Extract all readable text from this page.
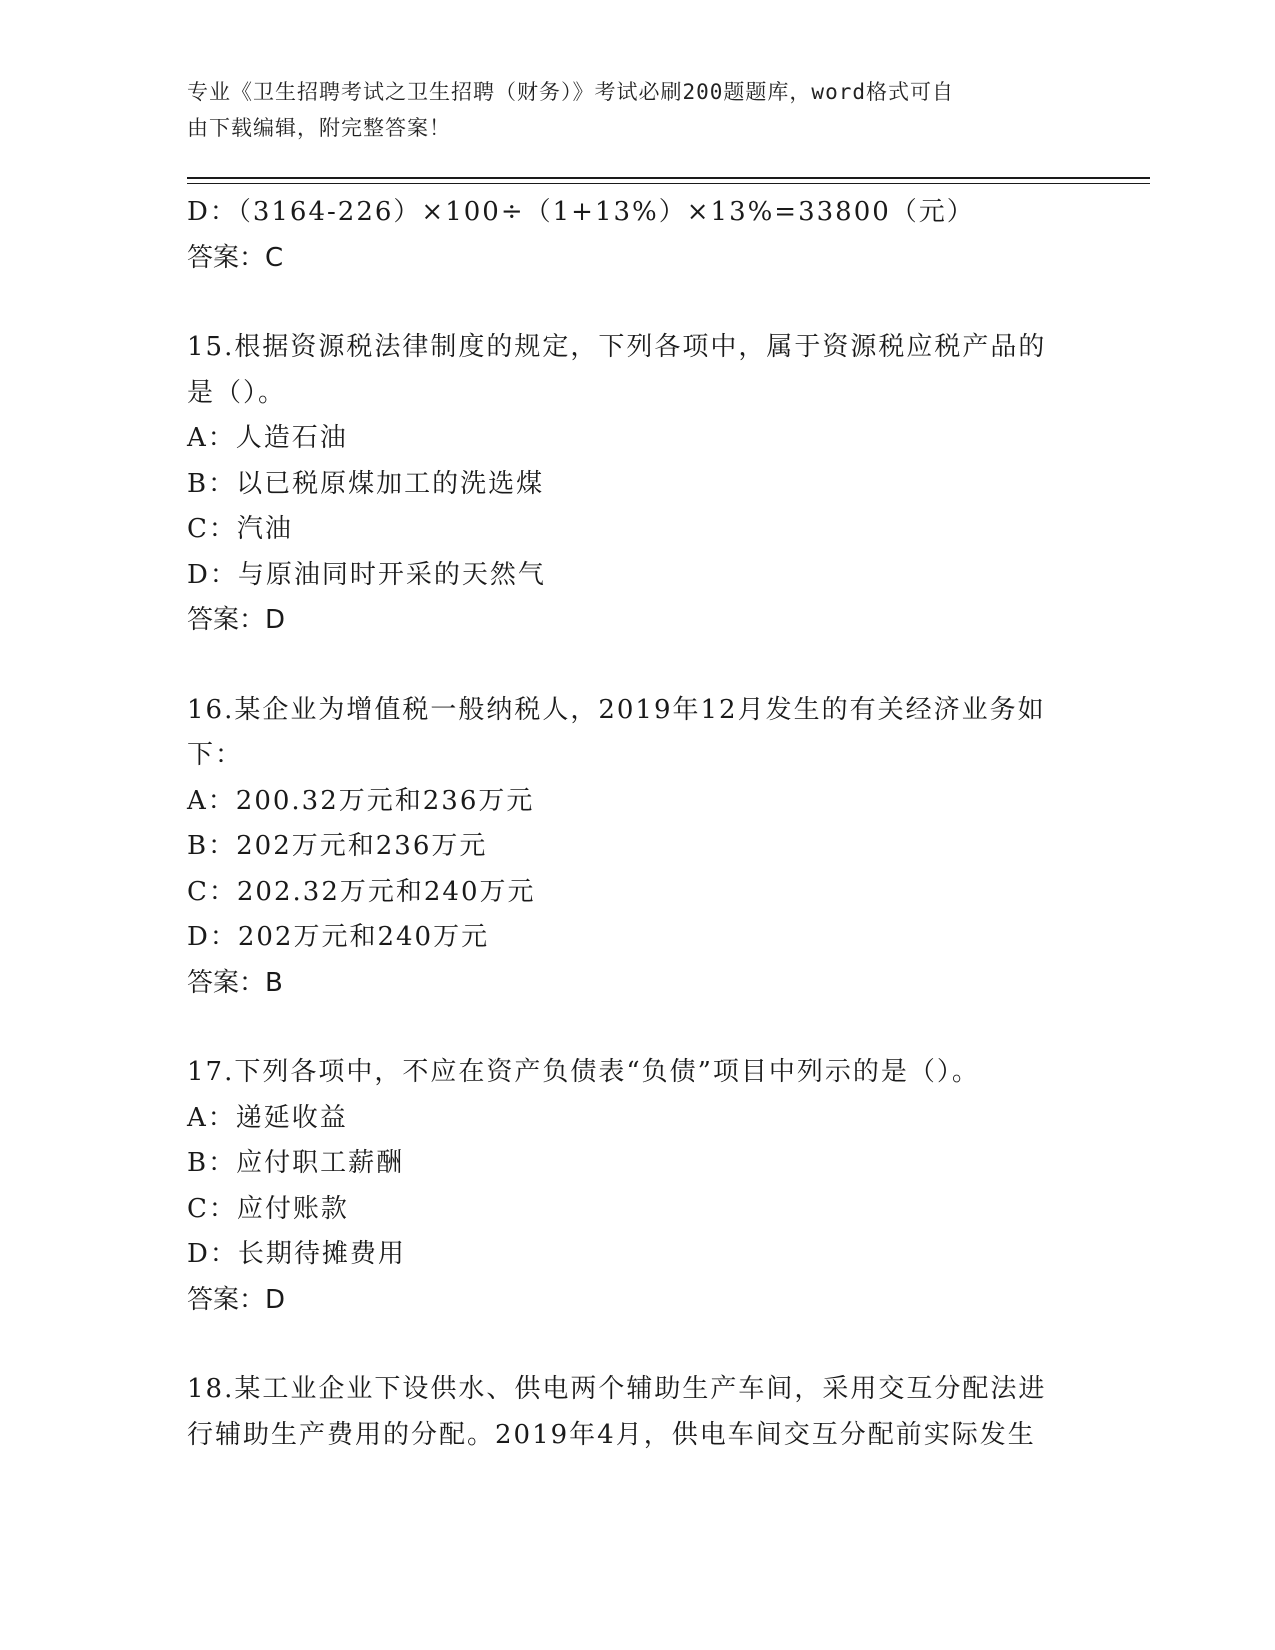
专业《卫生招聘考试之卫生招聘（财务）》考试必刷200题题库，word格式可自
由下载编辑，附完整答案！
D：（3164-226）×100÷（1+13%）×13%=33800（元）
答案：C
15.根据资源税法律制度的规定，下列各项中，属于资源税应税产品的
是（）。
A：人造石油
B：以已税原煤加工的洗选煤
C：汽油
D：与原油同时开采的天然气
答案：D
16.某企业为增值税一般纳税人，2019年12月发生的有关经济业务如
下：
A：200.32万元和236万元
B：202万元和236万元
C：202.32万元和240万元
D：202万元和240万元
答案：B
17.下列各项中，不应在资产负债表“负债”项目中列示的是（）。
A：递延收益
B：应付职工薪酬
C：应付账款
D：长期待摊费用
答案：D
18.某工业企业下设供水、供电两个辅助生产车间，采用交互分配法进
行辅助生产费用的分配。2019年4月，供电车间交互分配前实际发生
